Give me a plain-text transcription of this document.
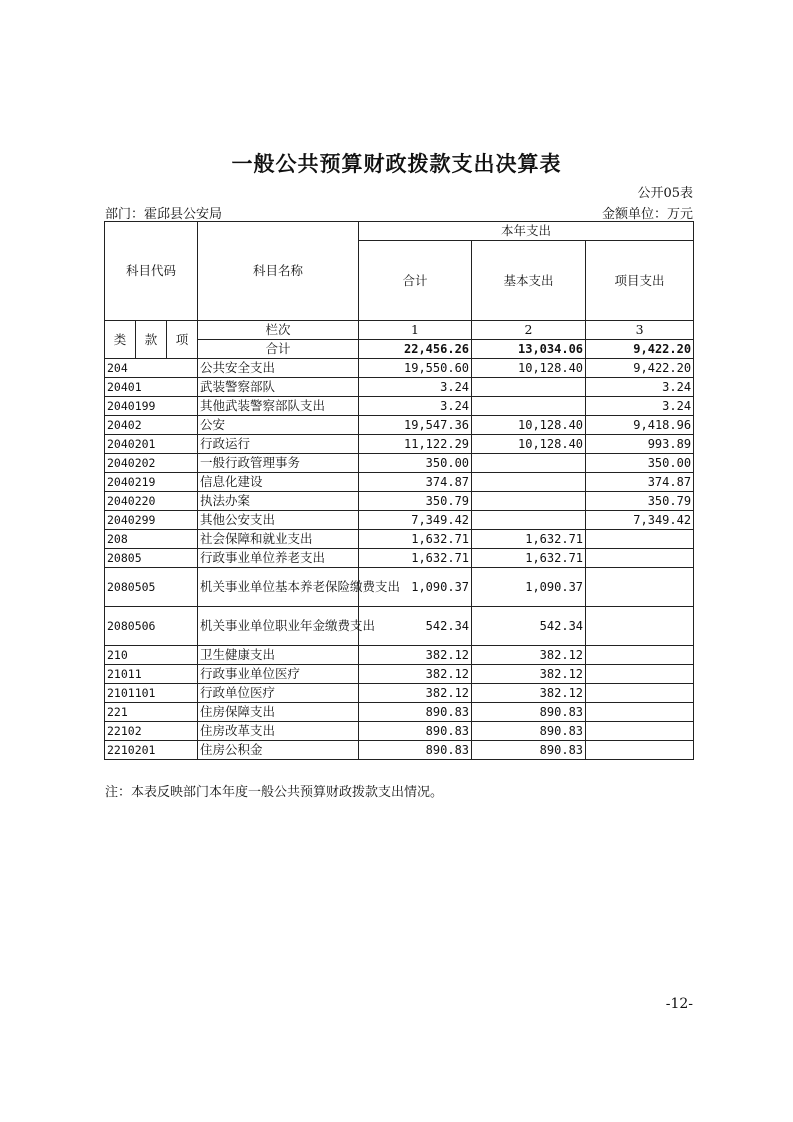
一般公共预算财政拨款支出决算表
公开05表
部门：霍邱县公安局	金额单位：万元
科目代码			科目名称	本年支出		
				合计	基本支出	项目支出
类	款	项	栏次	1	2	3
			合计	22,456.26	13,034.06	9,422.20
204			公共安全支出	19,550.60	10,128.40	9,422.20
20401			武装警察部队	3.24		3.24
2040199			其他武装警察部队支出	3.24		3.24
20402			公安	19,547.36	10,128.40	9,418.96
2040201			行政运行	11,122.29	10,128.40	993.89
2040202			一般行政管理事务	350.00		350.00
2040219			信息化建设	374.87		374.87
2040220			执法办案	350.79		350.79
2040299			其他公安支出	7,349.42		7,349.42
208			社会保障和就业支出	1,632.71	1,632.71	
20805			行政事业单位养老支出	1,632.71	1,632.71	
2080505			机关事业单位基本养老保险缴费支出	1,090.37	1,090.37	
2080506			机关事业单位职业年金缴费支出	542.34	542.34	
210			卫生健康支出	382.12	382.12	
21011			行政事业单位医疗	382.12	382.12	
2101101			行政单位医疗	382.12	382.12	
221			住房保障支出	890.83	890.83	
22102			住房改革支出	890.83	890.83	
2210201			住房公积金	890.83	890.83	
注：本表反映部门本年度一般公共预算财政拨款支出情况。
-12-
